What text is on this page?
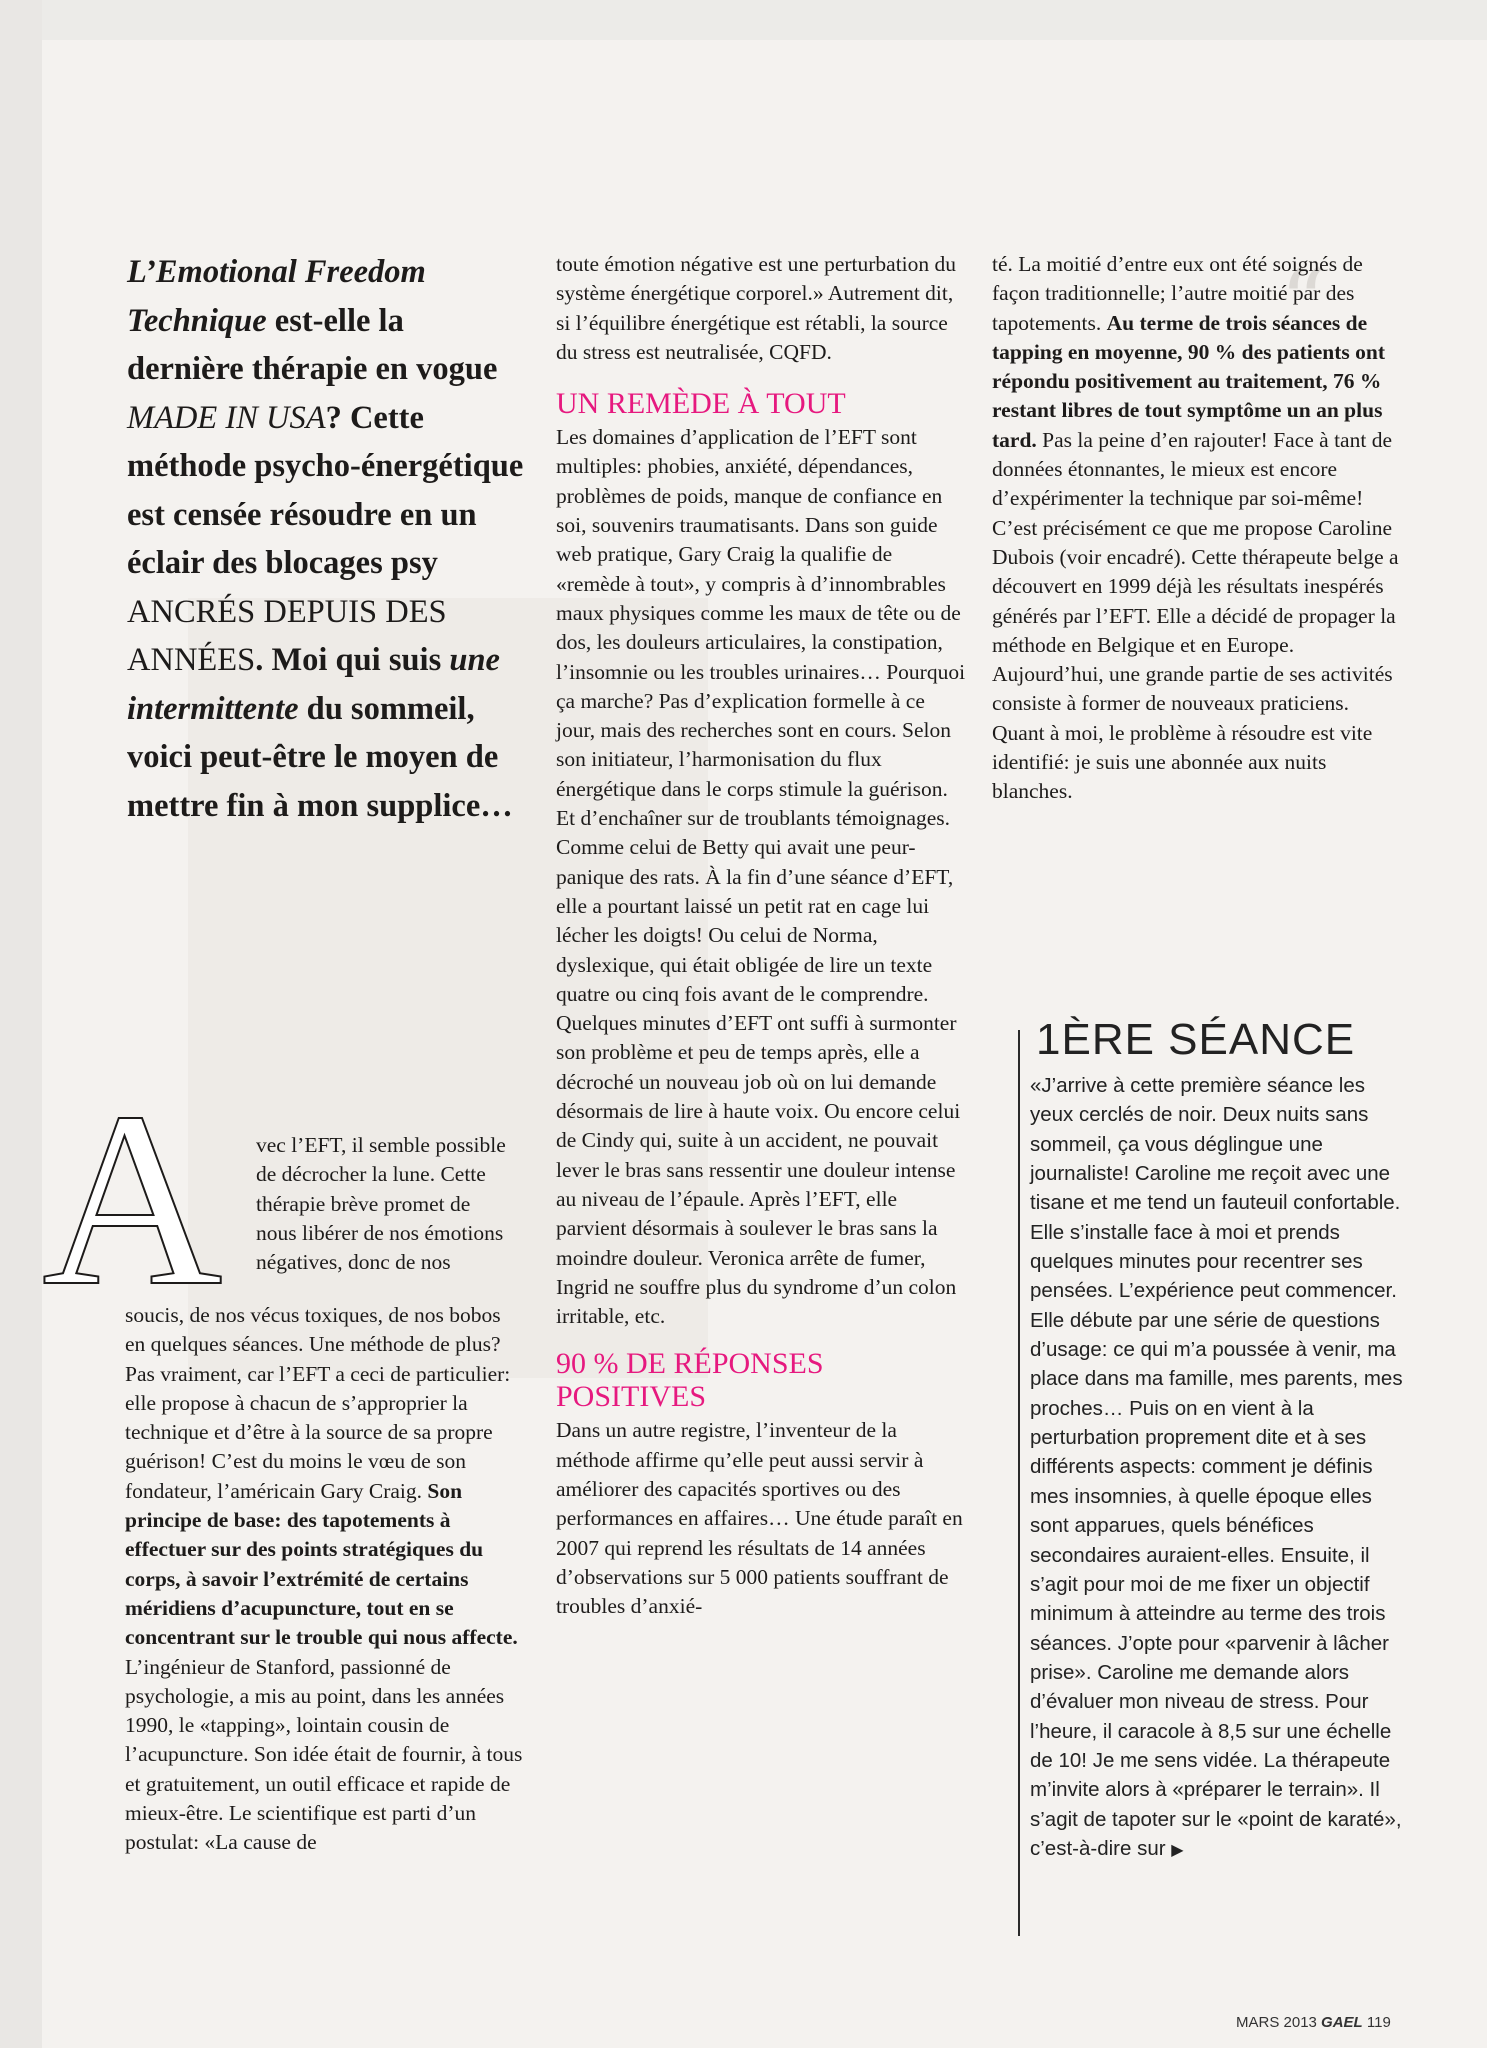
“
L’Emotional Freedom Technique est-elle la dernière thérapie en vogue MADE IN USA? Cette méthode psycho-énergétique est censée résoudre en un éclair des blocages psy ANCRÉS DEPUIS DES ANNÉES. Moi qui suis une intermittente du sommeil, voici peut-être le moyen de mettre fin à mon supplice…
A vec l’EFT, il semble possible de décrocher la lune. Cette thérapie brève promet de nous libérer de nos émotions négatives, donc de nos

soucis, de nos vécus toxiques, de nos bobos en quelques séances. Une méthode de plus? Pas vraiment, car l’EFT a ceci de particulier: elle propose à chacun de s’approprier la technique et d’être à la source de sa propre guérison! C’est du moins le vœu de son fondateur, l’américain Gary Craig. Son principe de base: des tapotements à effectuer sur des points stratégiques du corps, à savoir l’extrémité de certains méridiens d’acupuncture, tout en se concentrant sur le trouble qui nous affecte. L’ingénieur de Stanford, passionné de psychologie, a mis au point, dans les années 1990, le «tapping», lointain cousin de l’acupuncture. Son idée était de fournir, à tous et gratuitement, un outil efficace et rapide de mieux-être. Le scientifique est parti d’un postulat: «La cause de

toute émotion négative est une perturbation du système énergétique corporel.» Autrement dit, si l’équilibre énergétique est rétabli, la source du stress est neutralisée, CQFD.

UN REMÈDE À TOUT

Les domaines d’application de l’EFT sont multiples: phobies, anxiété, dépendances, problèmes de poids, manque de confiance en soi, souvenirs traumatisants. Dans son guide web pratique, Gary Craig la qualifie de «remède à tout», y compris à d’innombrables maux physiques comme les maux de tête ou de dos, les douleurs articulaires, la constipation, l’insomnie ou les troubles urinaires… Pourquoi ça marche? Pas d’explication formelle à ce jour, mais des recherches sont en cours. Selon son initiateur, l’harmonisation du flux énergétique dans le corps stimule la guérison. Et d’enchaîner sur de troublants témoignages. Comme celui de Betty qui avait une peur-panique des rats. À la fin d’une séance d’EFT, elle a pourtant laissé un petit rat en cage lui lécher les doigts! Ou celui de Norma, dyslexique, qui était obligée de lire un texte quatre ou cinq fois avant de le comprendre. Quelques minutes d’EFT ont suffi à surmonter son problème et peu de temps après, elle a décroché un nouveau job où on lui demande désormais de lire à haute voix. Ou encore celui de Cindy qui, suite à un accident, ne pouvait lever le bras sans ressentir une douleur intense au niveau de l’épaule. Après l’EFT, elle parvient désormais à soulever le bras sans la moindre douleur. Veronica arrête de fumer, Ingrid ne souffre plus du syndrome d’un colon irritable, etc.

90 % DE RÉPONSES POSITIVES

Dans un autre registre, l’inventeur de la méthode affirme qu’elle peut aussi servir à améliorer des capacités sportives ou des performances en affaires… Une étude paraît en 2007 qui reprend les résultats de 14 années d’observations sur 5 000 patients souffrant de troubles d’anxié-

té. La moitié d’entre eux ont été soignés de façon traditionnelle; l’autre moitié par des tapotements. Au terme de trois séances de tapping en moyenne, 90 % des patients ont répondu positivement au traitement, 76 % restant libres de tout symptôme un an plus tard. Pas la peine d’en rajouter! Face à tant de données étonnantes, le mieux est encore d’expérimenter la technique par soi-même! C’est précisément ce que me propose Caroline Dubois (voir encadré). Cette thérapeute belge a découvert en 1999 déjà les résultats inespérés générés par l’EFT. Elle a décidé de propager la méthode en Belgique et en Europe. Aujourd’hui, une grande partie de ses activités consiste à former de nouveaux praticiens. Quant à moi, le problème à résoudre est vite identifié: je suis une abonnée aux nuits blanches.

1ÈRE SÉANCE
«J’arrive à cette première séance les yeux cerclés de noir. Deux nuits sans sommeil, ça vous déglingue une journaliste! Caroline me reçoit avec une tisane et me tend un fauteuil confortable. Elle s’installe face à moi et prends quelques minutes pour recentrer ses pensées. L’expérience peut commencer. Elle débute par une série de questions d’usage: ce qui m’a poussée à venir, ma place dans ma famille, mes parents, mes proches… Puis on en vient à la perturbation proprement dite et à ses différents aspects: comment je définis mes insomnies, à quelle époque elles sont apparues, quels bénéfices secondaires auraient-elles. Ensuite, il s’agit pour moi de me fixer un objectif minimum à atteindre au terme des trois séances. J’opte pour «parvenir à lâcher prise». Caroline me demande alors d’évaluer mon niveau de stress. Pour l’heure, il caracole à 8,5 sur une échelle de 10! Je me sens vidée. La thérapeute m’invite alors à «préparer le terrain». Il s’agit de tapoter sur le «point de karaté», c’est-à-dire sur ▶
MARS 2013 GAEL 119
